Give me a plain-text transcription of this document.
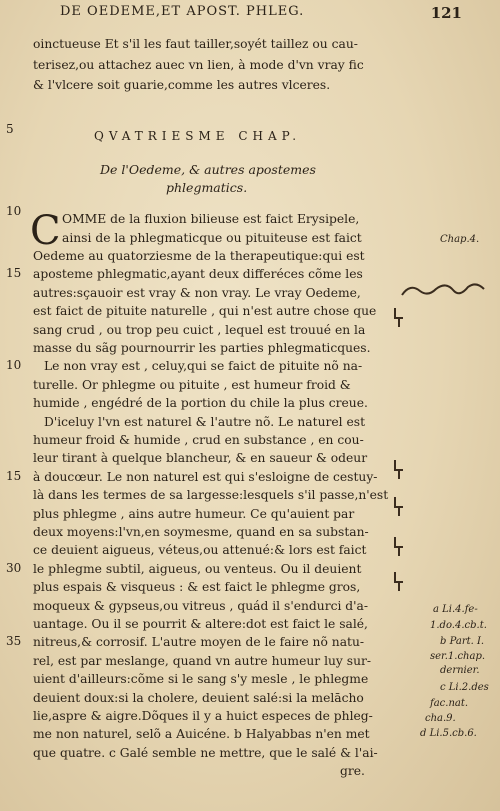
DE OEDEME,ET APOST. PHLEG.	121
oinctueuse Et s'il les faut tailler,soyét taillez ou cau-
terisez,ou attachez auec vn lien, à mode d'vn vray fic
& l'vlcere soit guarie,comme les autres vlceres.
5	QVATRIESME CHAP.
De l'Oedeme, & autres apostemes
phlegmatics.
10 C OMME de la fluxion bilieuse est faict Erysipele,
ainsi de la phlegmaticque ou pituiteuse est faict
Oedeme au quatorziesme de la therapeutique:qui est
aposteme phlegmatic,ayant deux differéces cõme les
autres:sçauoir est vray & non vray. Le vray Oedeme,
est faict de pituite naturelle , qui n'est autre chose que
sang crud , ou trop peu cuict , lequel est trouué en la
masse du sãg pournourrir les parties phlegmaticques.
Le non vray est , celuy,qui se faict de pituite nõ na-
turelle. Or phlegme ou pituite , est humeur froid &
humide , engédré de la portion du chile la plus creue.
D'iceluy l'vn est naturel & l'autre nõ. Le naturel est
humeur froid & humide , crud en substance , en cou-
leur tirant à quelque blancheur, & en saueur & odeur
à doucœur. Le non naturel est qui s'esloigne de cestuy-
là dans les termes de sa largesse:lesquels s'il passe,n'est
plus phlegme , ains autre humeur. Ce qu'auient par
deux moyens:l'vn,en soymesme, quand en sa substan-
ce deuient aigueus, véteus,ou attenué:& lors est faict
le phlegme subtil, aigueus, ou venteus. Ou il deuient
plus espais & visqueus : & est faict le phlegme gros,
moqueux & gypseus,ou vitreus , quád il s'endurci d'a-
uantage. Ou il se pourrit & altere:dot est faict le salé,
nitreus,& corrosif. L'autre moyen de le faire nõ natu-
rel, est par meslange, quand vn autre humeur luy sur-
uient d'ailleurs:cõme si le sang s'y mesle , le phlegme
deuient doux:si la cholere, deuient salé:si la melācho
lie,aspre & aigre.Dõques il y a huict especes de phleg-
me non naturel, selõ a Auicéne. b Halyabbas n'en met
que quatre. c Galé semble ne mettre, que le salé & l'ai-
gre.
15
10
15
30
35
Chap.4.
a Li.4.fe-
1.do.4.cb.t.
b Part. I.
ser.1.chap.
dernier.
c Li.2.des
fac.nat.
cha.9.
d Li.5.cb.6.
